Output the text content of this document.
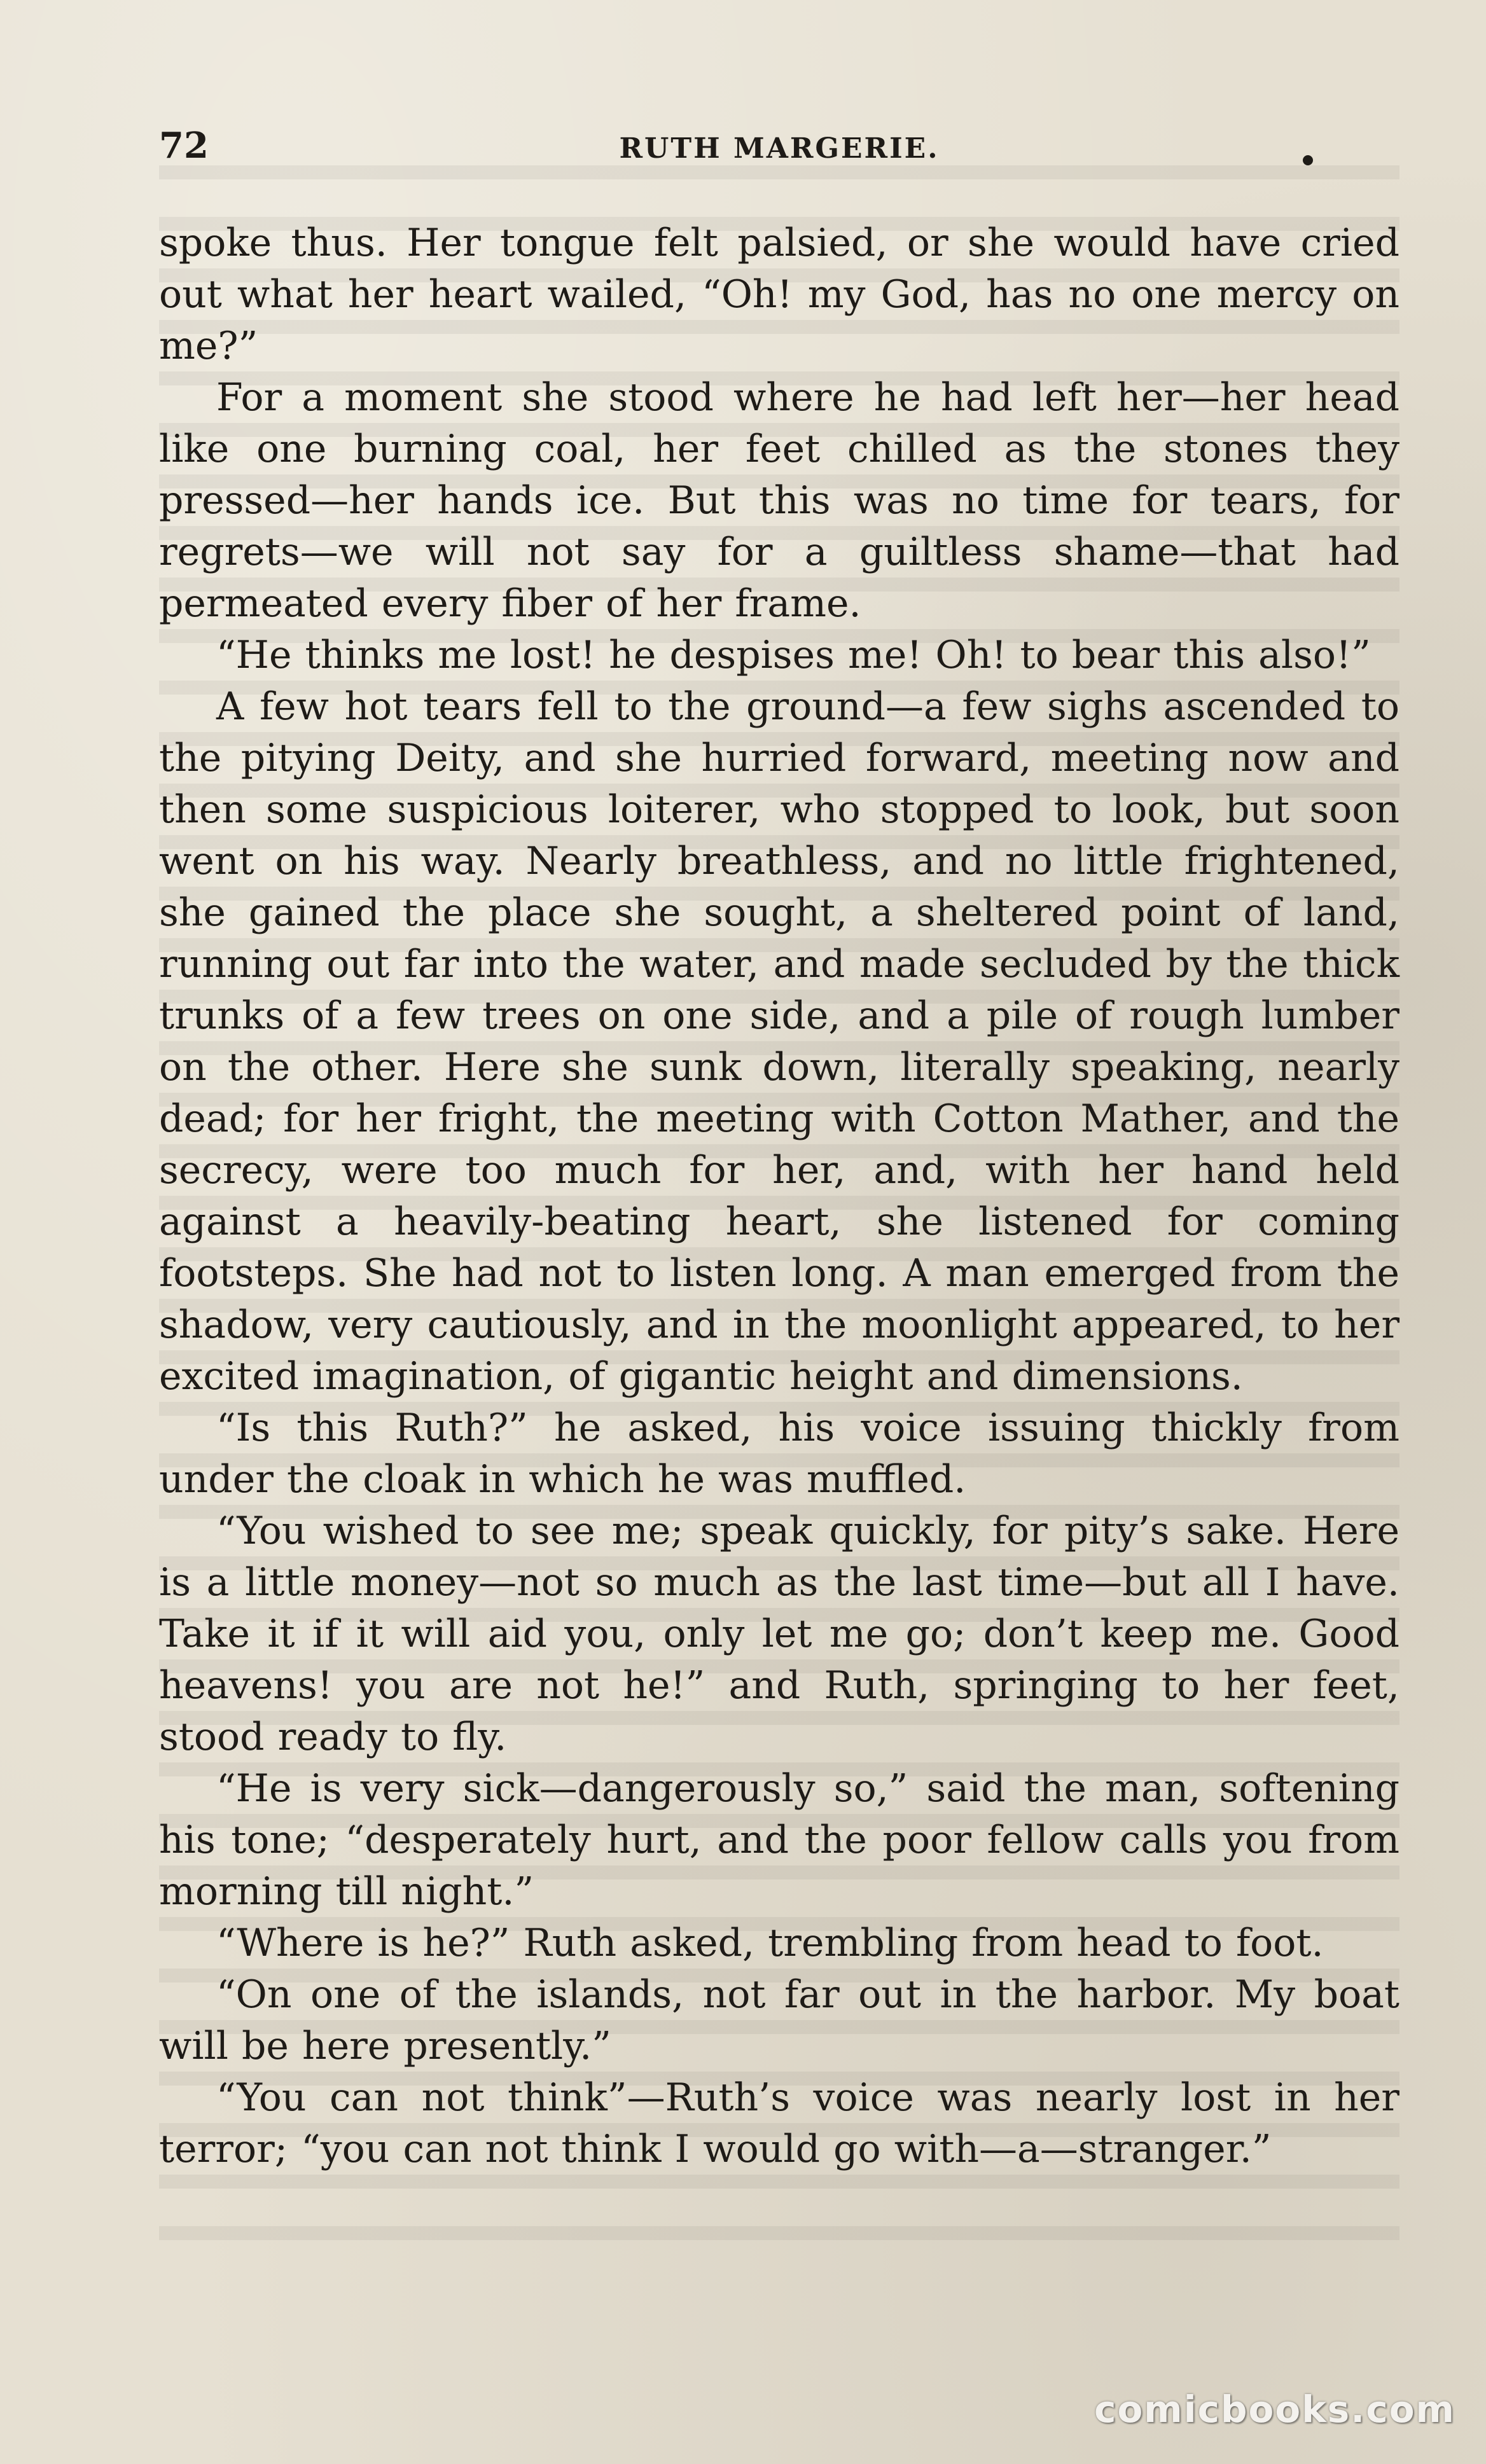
72	RUTH MARGERIE.

spoke thus. Her tongue felt palsied, or she would have cried out what her heart wailed, “Oh! my God, has no one mercy on me?”

For a moment she stood where he had left her—her head like one burning coal, her feet chilled as the stones they pressed—her hands ice. But this was no time for tears, for regrets—we will not say for a guiltless shame—that had permeated every fiber of her frame.

“He thinks me lost! he despises me! Oh! to bear this also!”

A few hot tears fell to the ground—a few sighs ascended to the pitying Deity, and she hurried forward, meeting now and then some suspicious loiterer, who stopped to look, but soon went on his way. Nearly breathless, and no little frightened, she gained the place she sought, a sheltered point of land, running out far into the water, and made secluded by the thick trunks of a few trees on one side, and a pile of rough lumber on the other. Here she sunk down, literally speaking, nearly dead; for her fright, the meeting with Cotton Mather, and the secrecy, were too much for her, and, with her hand held against a heavily-beating heart, she listened for coming footsteps. She had not to listen long. A man emerged from the shadow, very cautiously, and in the moonlight appeared, to her excited imagination, of gigantic height and dimensions.

“Is this Ruth?” he asked, his voice issuing thickly from under the cloak in which he was muffled.

“You wished to see me; speak quickly, for pity’s sake. Here is a little money—not so much as the last time—but all I have. Take it if it will aid you, only let me go; don’t keep me. Good heavens! you are not he!” and Ruth, springing to her feet, stood ready to fly.

“He is very sick—dangerously so,” said the man, softening his tone; “desperately hurt, and the poor fellow calls you from morning till night.”

“Where is he?” Ruth asked, trembling from head to foot.

“On one of the islands, not far out in the harbor. My boat will be here presently.”

“You can not think”—Ruth’s voice was nearly lost in her terror; “you can not think I would go with—a—stranger.”

comicbooks.com
